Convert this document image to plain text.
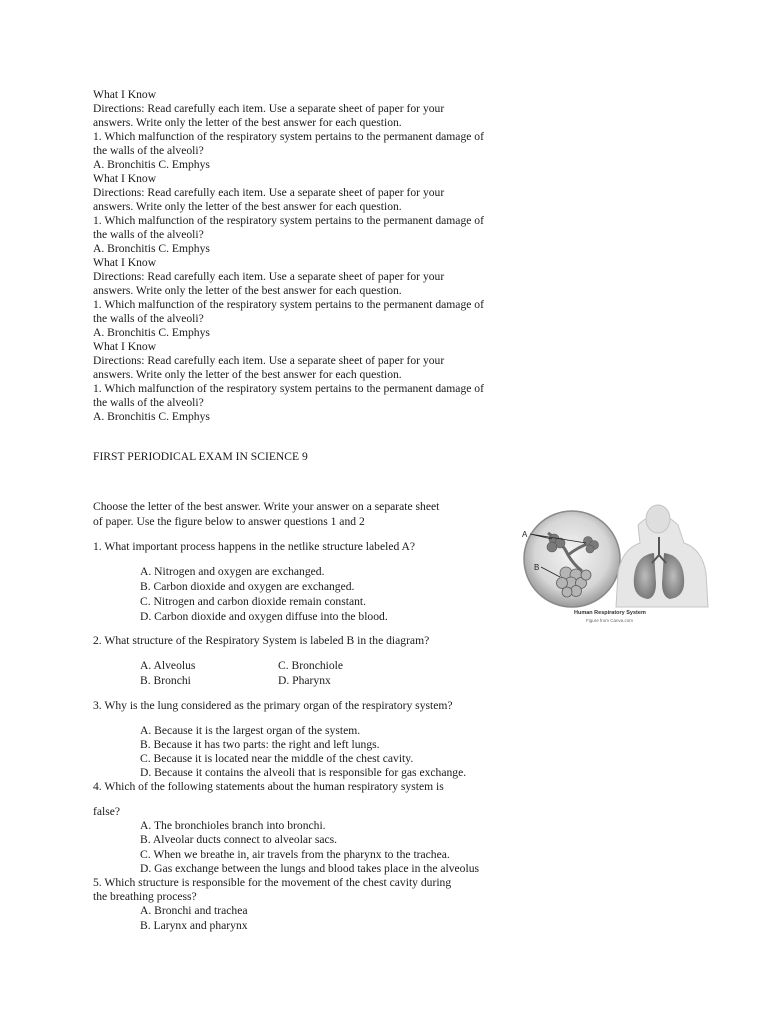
What I Know
Directions: Read carefully each item. Use a separate sheet of paper for your
answers. Write only the letter of the best answer for each question.
1. Which malfunction of the respiratory system pertains to the permanent damage of
the walls of the alveoli?
A. Bronchitis C. Emphys
What I Know
Directions: Read carefully each item. Use a separate sheet of paper for your
answers. Write only the letter of the best answer for each question.
1. Which malfunction of the respiratory system pertains to the permanent damage of
the walls of the alveoli?
A. Bronchitis C. Emphys
What I Know
Directions: Read carefully each item. Use a separate sheet of paper for your
answers. Write only the letter of the best answer for each question.
1. Which malfunction of the respiratory system pertains to the permanent damage of
the walls of the alveoli?
A. Bronchitis C. Emphys
What I Know
Directions: Read carefully each item. Use a separate sheet of paper for your
answers. Write only the letter of the best answer for each question.
1. Which malfunction of the respiratory system pertains to the permanent damage of
the walls of the alveoli?
A. Bronchitis C. Emphys
FIRST PERIODICAL EXAM IN SCIENCE 9
Choose the letter of the best answer. Write your answer on a separate sheet
of paper. Use the figure below to answer questions 1 and 2
A
B
Human Respiratory System
Figure from Canva.com
1. What important process happens in the netlike structure labeled A?
A. Nitrogen and oxygen are exchanged.
B. Carbon dioxide and oxygen are exchanged.
C. Nitrogen and carbon dioxide remain constant.
D. Carbon dioxide and oxygen diffuse into the blood.
2. What structure of the Respiratory System is labeled B in the diagram?
A. Alveolus	C. Bronchiole
B. Bronchi	D. Pharynx
3. Why is the lung considered as the primary organ of the respiratory system?
A. Because it is the largest organ of the system.
B. Because it has two parts: the right and left lungs.
C. Because it is located near the middle of the chest cavity.
D. Because it contains the alveoli that is responsible for gas exchange.
4. Which of the following statements about the human respiratory system is
false?
A. The bronchioles branch into bronchi.
B. Alveolar ducts connect to alveolar sacs.
C. When we breathe in, air travels from the pharynx to the trachea.
D. Gas exchange between the lungs and blood takes place in the alveolus
5. Which structure is responsible for the movement of the chest cavity during
the breathing process?
A. Bronchi and trachea
B. Larynx and pharynx
